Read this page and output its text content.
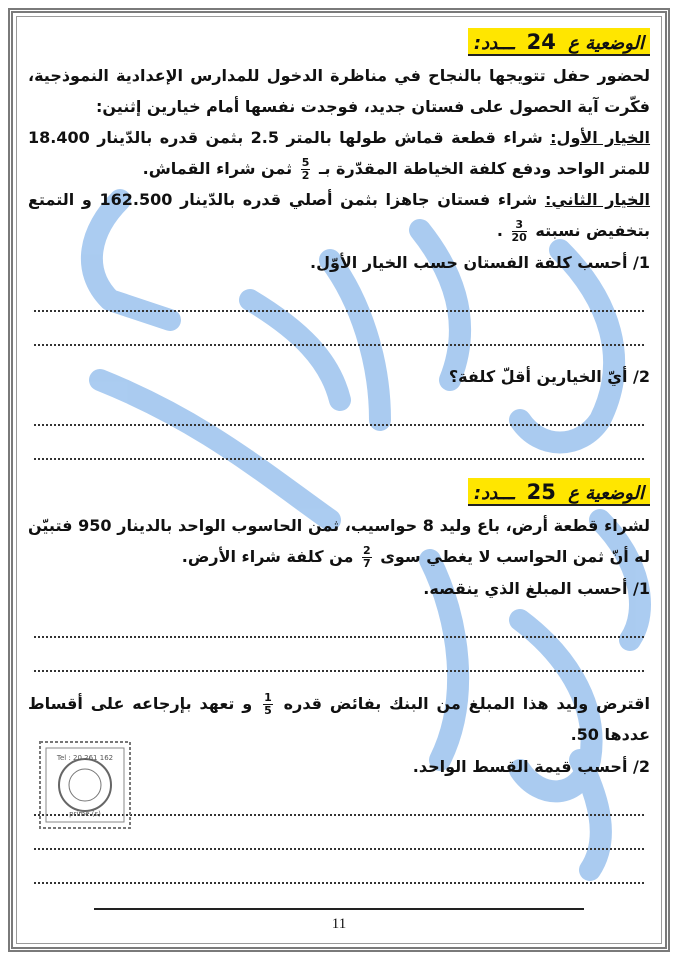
الوضعية ع 24 ـــدد:

لحضور حفل تتويجها بالنجاح في مناظرة الدخول للمدارس الإعدادية النموذجية، فكّرت آية الحصول على فستان جديد، فوجدت نفسها أمام خيارين إثنين:

الخيار الأول: شراء قطعة قماش طولها بالمتر 2.5 بثمن قدره بالدّينار 18.400 للمتر الواحد ودفع كلفة الخياطة المقدّرة بـ
$\frac{5}{2}$
ثمن شراء القماش.

الخيار الثاني: شراء فستان جاهزا بثمن أصلي قدره بالدّينار 162.500 و التمتع بتخفيض نسبته
$\frac{3}{20}$
.

1/ أحسب كلفة الفستان حسب الخيار الأوّل.

2/ أيّ الخيارين أقلّ كلفة؟

الوضعية ع 25 ـــدد:

لشراء قطعة أرض، باع وليد 8 حواسيب، ثمن الحاسوب الواحد بالدينار 950 فتبيّن له أنّ ثمن الحواسب لا يغطي سوى
$\frac{2}{7}$
من كلفة شراء الأرض.

1/ أحسب المبلغ الذي ينقصه.

اقترض وليد هذا المبلغ من البنك بفائض قدره
$\frac{1}{5}$
و تعهد بإرجاعه على أقساط عددها 50.

2/ أحسب قيمة القسط الواحد.

Tel : 20 261 162
prime (s)
11
